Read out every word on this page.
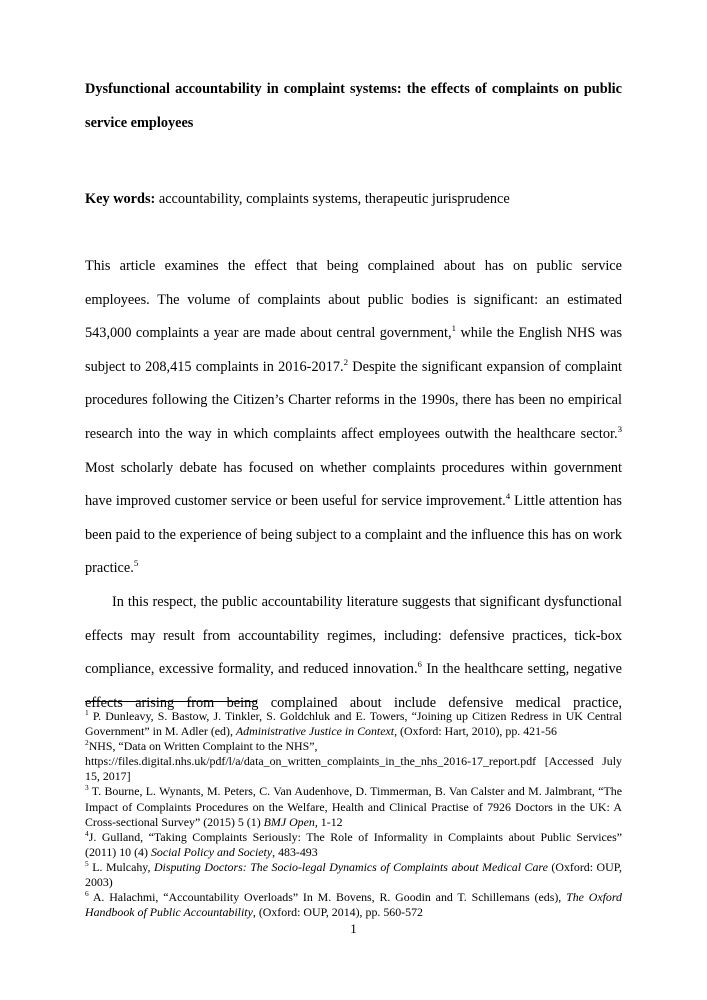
Dysfunctional accountability in complaint systems: the effects of complaints on public service employees

Key words: accountability, complaints systems, therapeutic jurisprudence

This article examines the effect that being complained about has on public service employees. The volume of complaints about public bodies is significant: an estimated 543,000 complaints a year are made about central government,$^1$ while the English NHS was subject to 208,415 complaints in 2016-2017.$^2$ Despite the significant expansion of complaint procedures following the Citizen’s Charter reforms in the 1990s, there has been no empirical research into the way in which complaints affect employees outwith the healthcare sector.$^3$ Most scholarly debate has focused on whether complaints procedures within government have improved customer service or been useful for service improvement.$^4$ Little attention has been paid to the experience of being subject to a complaint and the influence this has on work practice.$^5$

In this respect, the public accountability literature suggests that significant dysfunctional effects may result from accountability regimes, including: defensive practices, tick-box compliance, excessive formality, and reduced innovation.$^6$ In the healthcare setting, negative effects arising from being complained about include defensive medical practice,

$^1$ P. Dunleavy, S. Bastow, J. Tinkler, S. Goldchluk and E. Towers, “Joining up Citizen Redress in UK Central Government” in M. Adler (ed), Administrative Justice in Context, (Oxford: Hart, 2010), pp. 421-56

$^2$NHS, “Data on Written Complaint to the NHS”,
https://files.digital.nhs.uk/pdf/l/a/data_on_written_complaints_in_the_nhs_2016-17_report.pdf [Accessed July 15, 2017]

$^3$ T. Bourne, L. Wynants, M. Peters, C. Van Audenhove, D. Timmerman, B. Van Calster and M. Jalmbrant, “The Impact of Complaints Procedures on the Welfare, Health and Clinical Practise of 7926 Doctors in the UK: A Cross-sectional Survey” (2015) 5 (1) BMJ Open, 1-12

$^4$J. Gulland, “Taking Complaints Seriously: The Role of Informality in Complaints about Public Services” (2011) 10 (4) Social Policy and Society, 483-493

$^5$ L. Mulcahy, Disputing Doctors: The Socio-legal Dynamics of Complaints about Medical Care (Oxford: OUP, 2003)

$^6$ A. Halachmi, “Accountability Overloads” In M. Bovens, R. Goodin and T. Schillemans (eds), The Oxford Handbook of Public Accountability, (Oxford: OUP, 2014), pp. 560-572

1
